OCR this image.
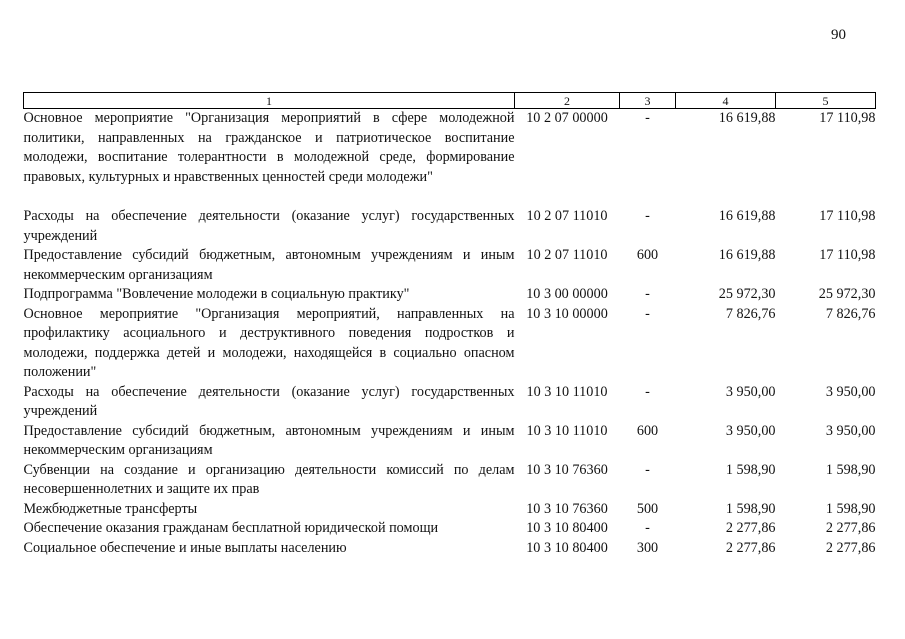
90
1	2	3	4	5
Основное мероприятие "Организация мероприятий в сфере молодежной политики, направленных на гражданское и патриотическое воспитание молодежи, воспитание толерантности в молодежной среде, формирование правовых, культурных и нравственных ценностей среди молодежи"	10 2 07 00000	-	16 619,88	17 110,98
Расходы на обеспечение деятельности (оказание услуг) государственных учреждений	10 2 07 11010	-	16 619,88	17 110,98
Предоставление субсидий бюджетным, автономным учреждениям и иным некоммерческим организациям	10 2 07 11010	600	16 619,88	17 110,98
Подпрограмма "Вовлечение молодежи в социальную практику"	10 3 00 00000	-	25 972,30	25 972,30
Основное мероприятие "Организация мероприятий, направленных на профилактику асоциального и деструктивного поведения подростков и молодежи, поддержка детей и молодежи, находящейся в социально опасном положении"	10 3 10 00000	-	7 826,76	7 826,76
Расходы на обеспечение деятельности (оказание услуг) государственных учреждений	10 3 10 11010	-	3 950,00	3 950,00
Предоставление субсидий бюджетным, автономным учреждениям и иным некоммерческим организациям	10 3 10 11010	600	3 950,00	3 950,00
Субвенции на создание и организацию деятельности комиссий по делам несовершеннолетних и защите их прав	10 3 10 76360	-	1 598,90	1 598,90
Межбюджетные трансферты	10 3 10 76360	500	1 598,90	1 598,90
Обеспечение оказания гражданам бесплатной юридической помощи	10 3 10 80400	-	2 277,86	2 277,86
Социальное обеспечение и иные выплаты населению	10 3 10 80400	300	2 277,86	2 277,86
